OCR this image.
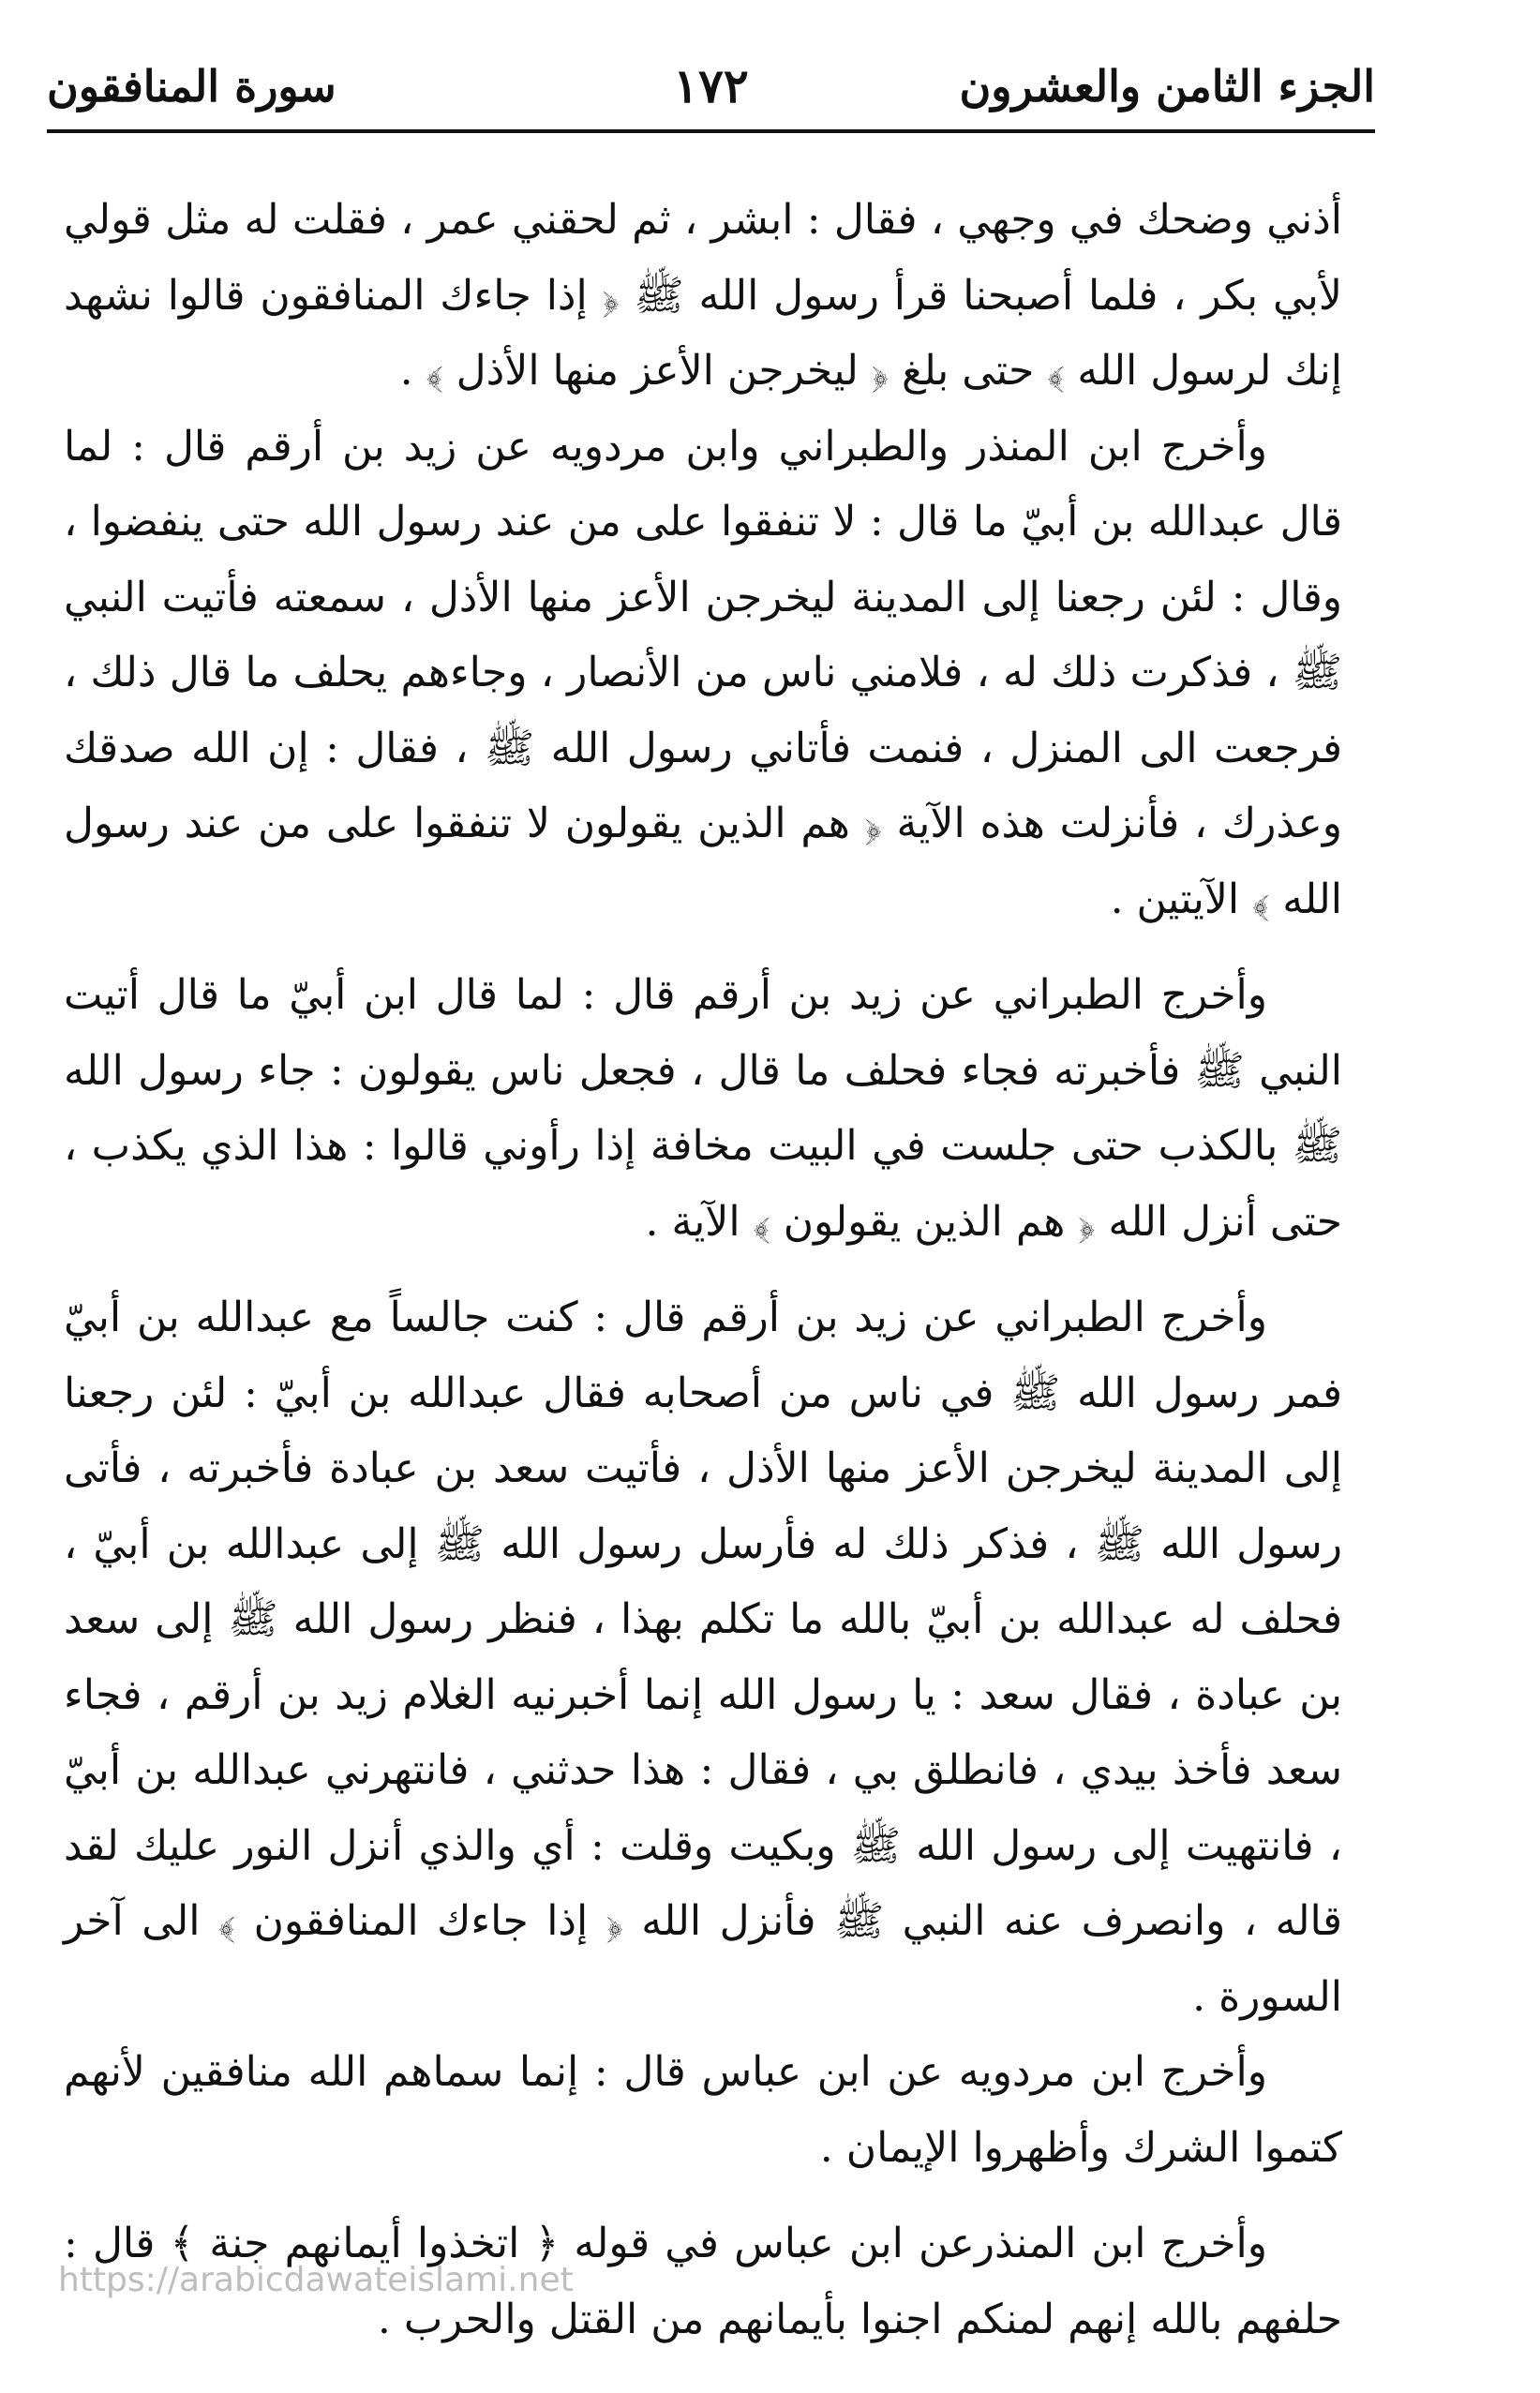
الجزء الثامن والعشرون
١٧٢
سورة المنافقون

أذني وضحك في وجهي ، فقال : ابشر ، ثم لحقني عمر ، فقلت له مثل قولي لأبي بكر ، فلما أصبحنا قرأ رسول الله ﷺ ﴿ إذا جاءك المنافقون قالوا نشهد إنك لرسول الله ﴾ حتى بلغ ﴿ ليخرجن الأعز منها الأذل ﴾ .

وأخرج ابن المنذر والطبراني وابن مردويه عن زيد بن أرقم قال : لما قال عبدالله بن أبيّ ما قال : لا تنفقوا على من عند رسول الله حتى ينفضوا ، وقال : لئن رجعنا إلى المدينة ليخرجن الأعز منها الأذل ، سمعته فأتيت النبي ﷺ ، فذكرت ذلك له ، فلامني ناس من الأنصار ، وجاءهم يحلف ما قال ذلك ، فرجعت الى المنزل ، فنمت فأتاني رسول الله ﷺ ، فقال : إن الله صدقك وعذرك ، فأنزلت هذه الآية ﴿ هم الذين يقولون لا تنفقوا على من عند رسول الله ﴾ الآيتين .

وأخرج الطبراني عن زيد بن أرقم قال : لما قال ابن أبيّ ما قال أتيت النبي ﷺ فأخبرته فجاء فحلف ما قال ، فجعل ناس يقولون : جاء رسول الله ﷺ بالكذب حتى جلست في البيت مخافة إذا رأوني قالوا : هذا الذي يكذب ، حتى أنزل الله ﴿ هم الذين يقولون ﴾ الآية .

وأخرج الطبراني عن زيد بن أرقم قال : كنت جالساً مع عبدالله بن أبيّ فمر رسول الله ﷺ في ناس من أصحابه فقال عبدالله بن أبيّ : لئن رجعنا إلى المدينة ليخرجن الأعز منها الأذل ، فأتيت سعد بن عبادة فأخبرته ، فأتى رسول الله ﷺ ، فذكر ذلك له فأرسل رسول الله ﷺ إلى عبدالله بن أبيّ ، فحلف له عبدالله بن أبيّ بالله ما تكلم بهذا ، فنظر رسول الله ﷺ إلى سعد بن عبادة ، فقال سعد : يا رسول الله إنما أخبرنيه الغلام زيد بن أرقم ، فجاء سعد فأخذ بيدي ، فانطلق بي ، فقال : هذا حدثني ، فانتهرني عبدالله بن أبيّ ، فانتهيت إلى رسول الله ﷺ وبكيت وقلت : أي والذي أنزل النور عليك لقد قاله ، وانصرف عنه النبي ﷺ فأنزل الله ﴿ إذا جاءك المنافقون ﴾ الى آخر السورة .

وأخرج ابن مردويه عن ابن عباس قال : إنما سماهم الله منافقين لأنهم كتموا الشرك وأظهروا الإيمان .

وأخرج ابن المنذرعن ابن عباس في قوله ﴿ اتخذوا أيمانهم جنة ﴾ قال : حلفهم بالله إنهم لمنكم اجنوا بأيمانهم من القتل والحرب .

https://arabicdawateislami.net
